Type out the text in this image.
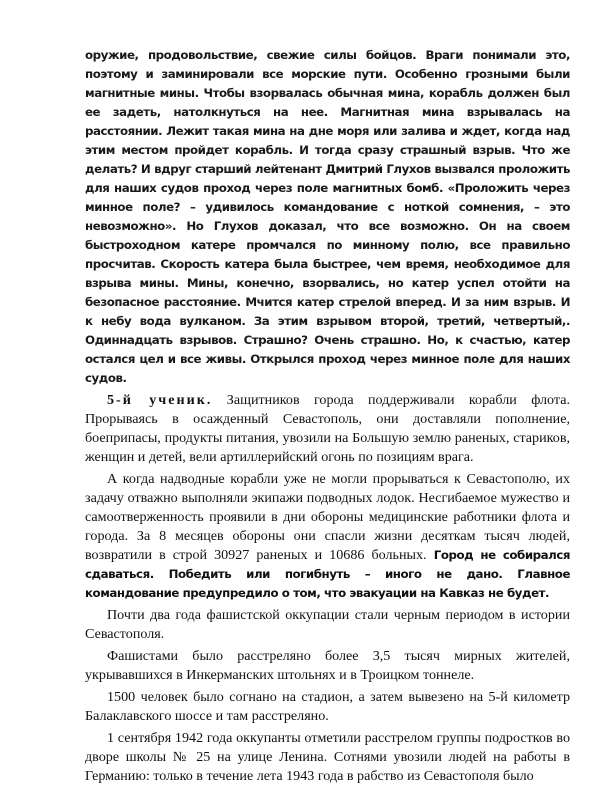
оружие, продовольствие, свежие силы бойцов. Враги понимали это, поэтому и заминировали все морские пути. Особенно грозными были магнитные мины. Чтобы взорвалась обычная мина, корабль должен был ее задеть, натолкнуться на нее. Магнитная мина взрывалась на расстоянии. Лежит такая мина на дне моря или залива и ждет, когда над этим местом пройдет корабль. И тогда сразу страшный взрыв. Что же делать? И вдруг старший лейтенант Дмитрий Глухов вызвался проложить для наших судов проход через поле магнитных бомб. «Проложить через минное поле? – удивилось командование с ноткой сомнения, – это невозможно». Но Глухов доказал, что все возможно. Он на своем быстроходном катере промчался по минному полю, все правильно просчитав. Скорость катера была быстрее, чем время, необходимое для взрыва мины. Мины, конечно, взорвались, но катер успел отойти на безопасное расстояние. Мчится катер стрелой вперед. И за ним взрыв. И к небу вода вулканом. За этим взрывом второй, третий, четвертый,. Одиннадцать взрывов. Страшно? Очень страшно. Но, к счастью, катер остался цел и все живы. Открылся проход через минное поле для наших судов.

5-й ученик. Защитников города поддерживали корабли флота. Прорываясь в осажденный Севастополь, они доставляли пополнение, боеприпасы, продукты питания, увозили на Большую землю раненых, стариков, женщин и детей, вели артиллерийский огонь по позициям врага.

А когда надводные корабли уже не могли прорываться к Севастополю, их задачу отважно выполняли экипажи подводных лодок. Несгибаемое мужество и самоотверженность проявили в дни обороны медицинские работники флота и города. За 8 месяцев обороны они спасли жизни десяткам тысяч людей, возвратили в строй 30927 раненых и 10686 больных. Город не собирался сдаваться. Победить или погибнуть – иного не дано. Главное командование предупредило о том, что эвакуации на Кавказ не будет.

Почти два года фашистской оккупации стали черным периодом в истории Севастополя.

Фашистами было расстреляно более 3,5 тысяч мирных жителей, укрывавшихся в Инкерманских штольнях и в Троицком тоннеле.

1500 человек было согнано на стадион, а затем вывезено на 5-й километр Балаклавского шоссе и там расстреляно.

1 сентября 1942 года оккупанты отметили расстрелом группы подростков во дворе школы № 25 на улице Ленина. Сотнями увозили людей на работы в Германию: только в течение лета 1943 года в рабство из Севастополя было
